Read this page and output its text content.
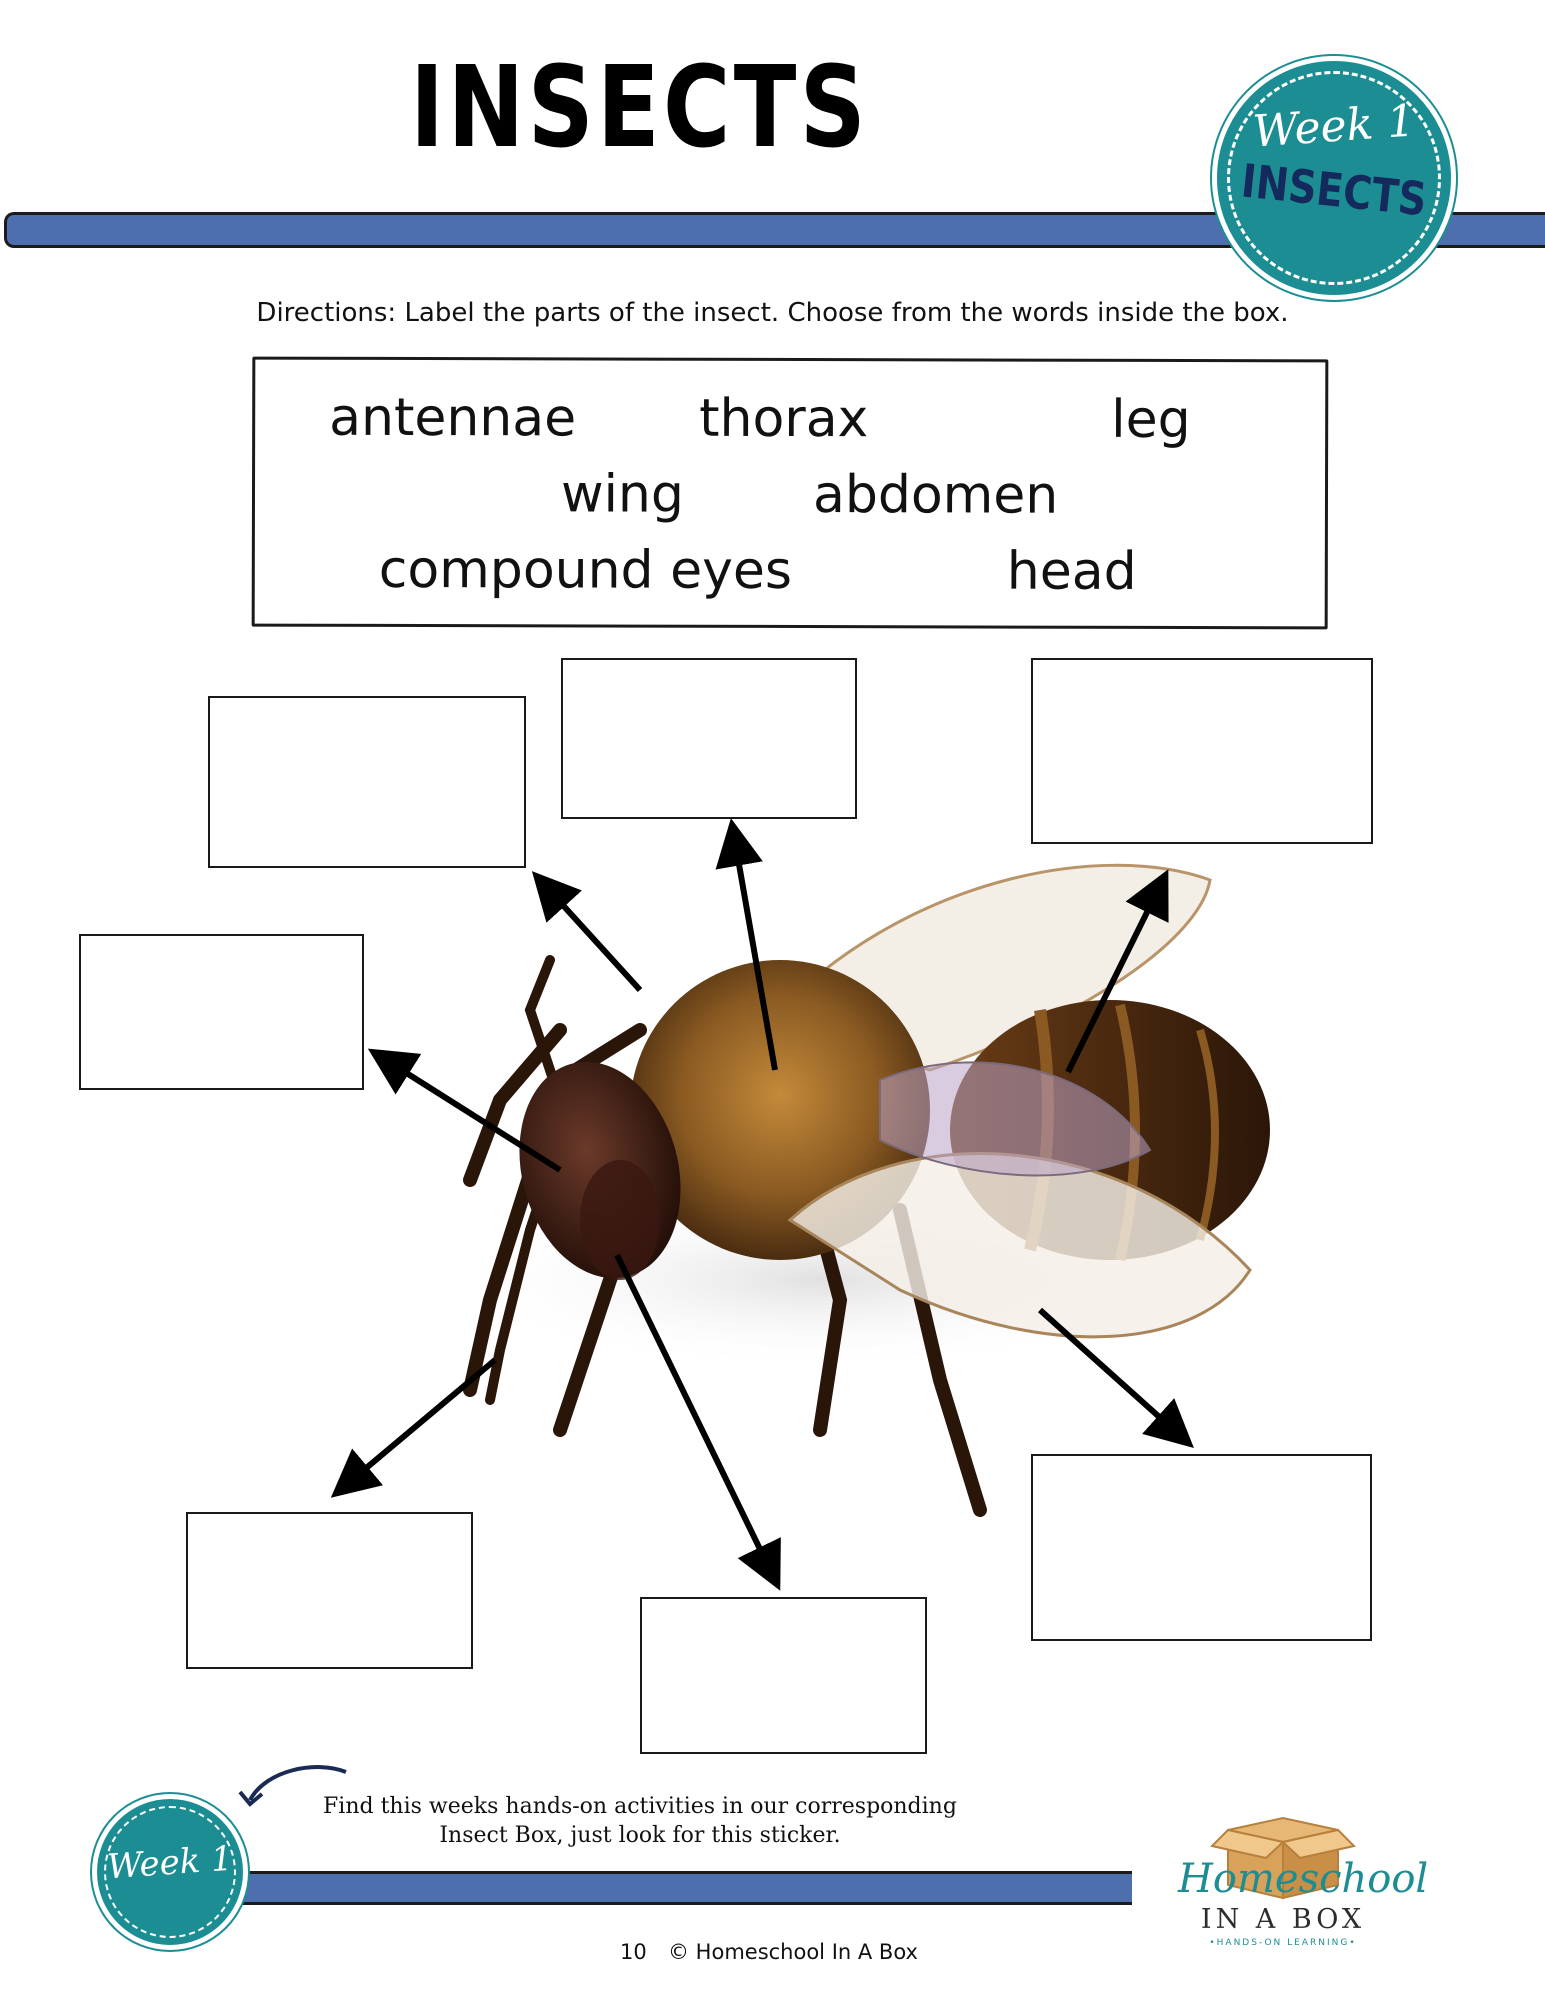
INSECTS	Week 1
INSECTS
Directions: Label the parts of the insect. Choose from the words inside the box.
antennae thorax	leg
wing abdomen
compound eyes	head
Week 1
Find this weeks hands-on activities in our corresponding
Insect Box, just look for this sticker.
Homeschool
IN A BOX
•HANDS-ON LEARNING•
10 © Homeschool In A Box
